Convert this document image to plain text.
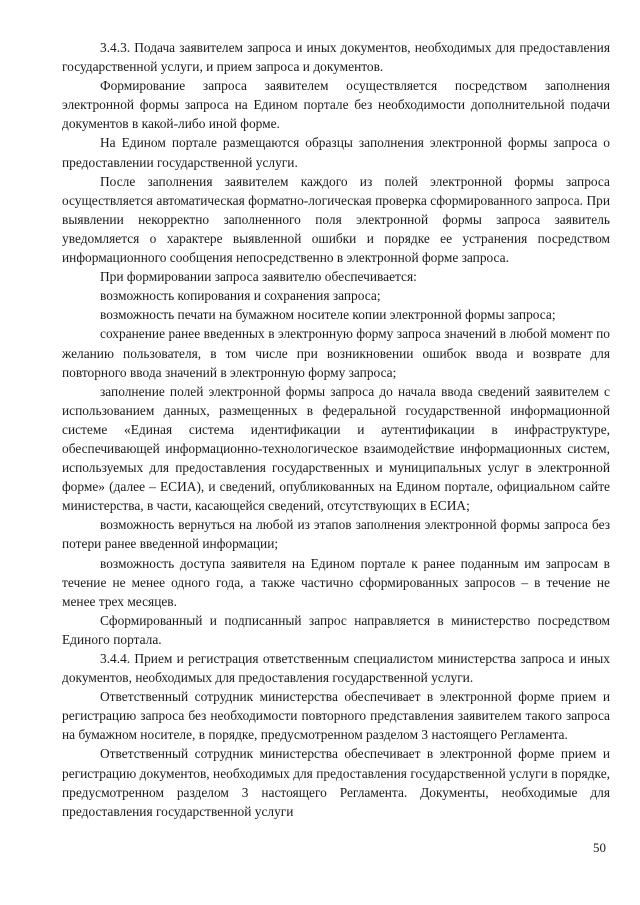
3.4.3. Подача заявителем запроса и иных документов, необходимых для предоставления государственной услуги, и прием запроса и документов.

Формирование запроса заявителем осуществляется посредством заполнения электронной формы запроса на Едином портале без необходимости дополнительной подачи документов в какой-либо иной форме.

На Едином портале размещаются образцы заполнения электронной формы запроса о предоставлении государственной услуги.

После заполнения заявителем каждого из полей электронной формы запроса осуществляется автоматическая форматно-логическая проверка сформированного запроса. При выявлении некорректно заполненного поля электронной формы запроса заявитель уведомляется о характере выявленной ошибки и порядке ее устранения посредством информационного сообщения непосредственно в электронной форме запроса.

При формировании запроса заявителю обеспечивается:

возможность копирования и сохранения запроса;

возможность печати на бумажном носителе копии электронной формы запроса;

сохранение ранее введенных в электронную форму запроса значений в любой момент по желанию пользователя, в том числе при возникновении ошибок ввода и возврате для повторного ввода значений в электронную форму запроса;

заполнение полей электронной формы запроса до начала ввода сведений заявителем с использованием данных, размещенных в федеральной государственной информационной системе «Единая система идентификации и аутентификации в инфраструктуре, обеспечивающей информационно-технологическое взаимодействие информационных систем, используемых для предоставления государственных и муниципальных услуг в электронной форме» (далее – ЕСИА), и сведений, опубликованных на Едином портале, официальном сайте министерства, в части, касающейся сведений, отсутствующих в ЕСИА;

возможность вернуться на любой из этапов заполнения электронной формы запроса без потери ранее введенной информации;

возможность доступа заявителя на Едином портале к ранее поданным им запросам в течение не менее одного года, а также частично сформированных запросов – в течение не менее трех месяцев.

Сформированный и подписанный запрос направляется в министерство посредством Единого портала.

3.4.4. Прием и регистрация ответственным специалистом министерства запроса и иных документов, необходимых для предоставления государственной услуги.

Ответственный сотрудник министерства обеспечивает в электронной форме прием и регистрацию запроса без необходимости повторного представления заявителем такого запроса на бумажном носителе, в порядке, предусмотренном разделом 3 настоящего Регламента.

Ответственный сотрудник министерства обеспечивает в электронной форме прием и регистрацию документов, необходимых для предоставления государственной услуги в порядке, предусмотренном разделом 3 настоящего Регламента. Документы, необходимые для предоставления государственной услуги

50
